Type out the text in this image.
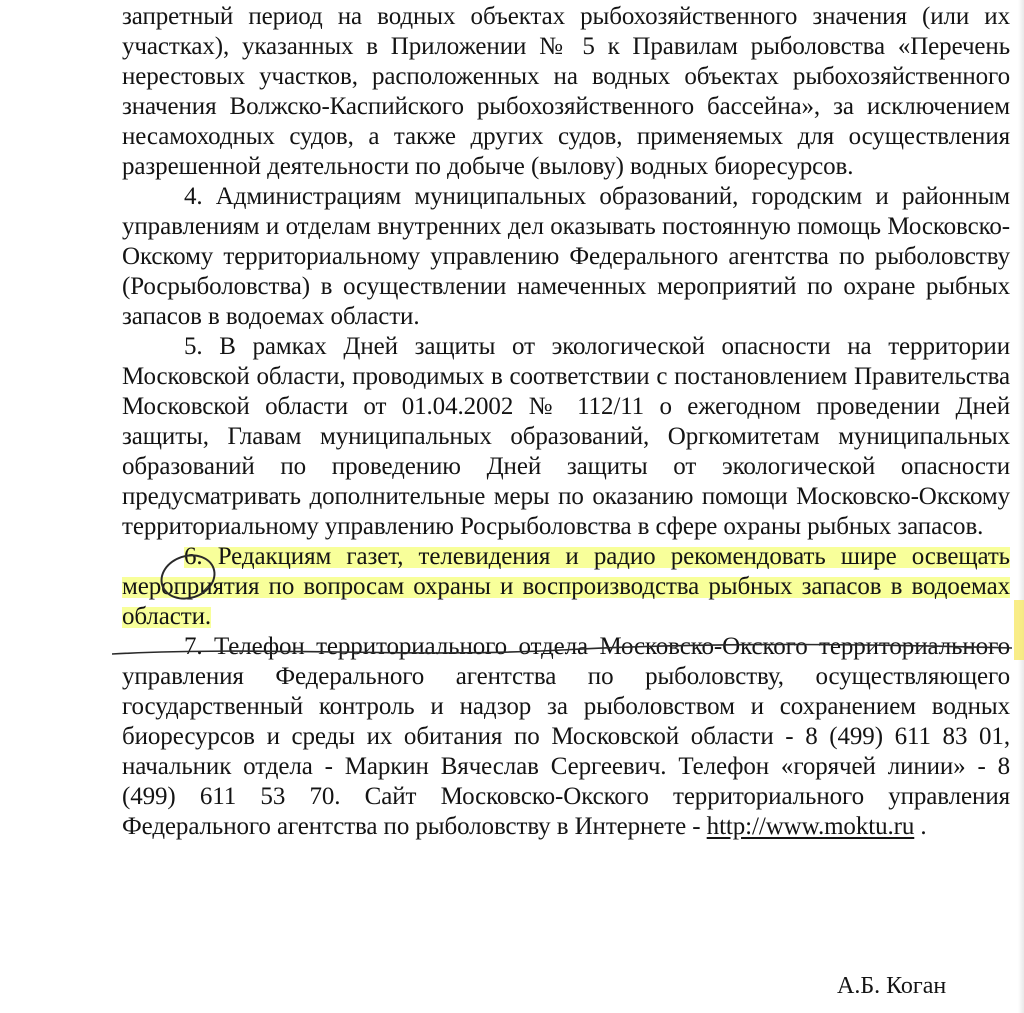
запретный период на водных объектах рыбохозяйственного значения (или их участках), указанных в Приложении № 5 к Правилам рыболовства «Перечень нерестовых участков, расположенных на водных объектах рыбохозяйственного значения Волжско-Каспийского рыбохозяйственного бассейна», за исключением несамоходных судов, а также других судов, применяемых для осуществления разрешенной деятельности по добыче (вылову) водных биоресурсов.

4. Администрациям муниципальных образований, городским и районным управлениям и отделам внутренних дел оказывать постоянную помощь Московско-Окскому территориальному управлению Федерального агентства по рыболовству (Росрыболовства) в осуществлении намеченных мероприятий по охране рыбных запасов в водоемах области.

5. В рамках Дней защиты от экологической опасности на территории Московской области, проводимых в соответствии с постановлением Правительства Московской области от 01.04.2002 № 112/11 о ежегодном проведении Дней защиты, Главам муниципальных образований, Оргкомитетам муниципальных образований по проведению Дней защиты от экологической опасности предусматривать дополнительные меры по оказанию помощи Московско-Окскому территориальному управлению Росрыболовства в сфере охраны рыбных запасов.

6. Редакциям газет, телевидения и радио рекомендовать шире освещать мероприятия по вопросам охраны и воспроизводства рыбных запасов в водоемах области.

7. Телефон территориального отдела Московско-Окского территориального управления Федерального агентства по рыболовству, осуществляющего государственный контроль и надзор за рыболовством и сохранением водных биоресурсов и среды их обитания по Московской области - 8 (499) 611 83 01, начальник отдела - Маркин Вячеслав Сергеевич. Телефон «горячей линии» - 8 (499) 611 53 70. Сайт Московско-Окского территориального управления Федерального агентства по рыболовству в Интернете - http://www.moktu.ru .

А.Б. Коган
